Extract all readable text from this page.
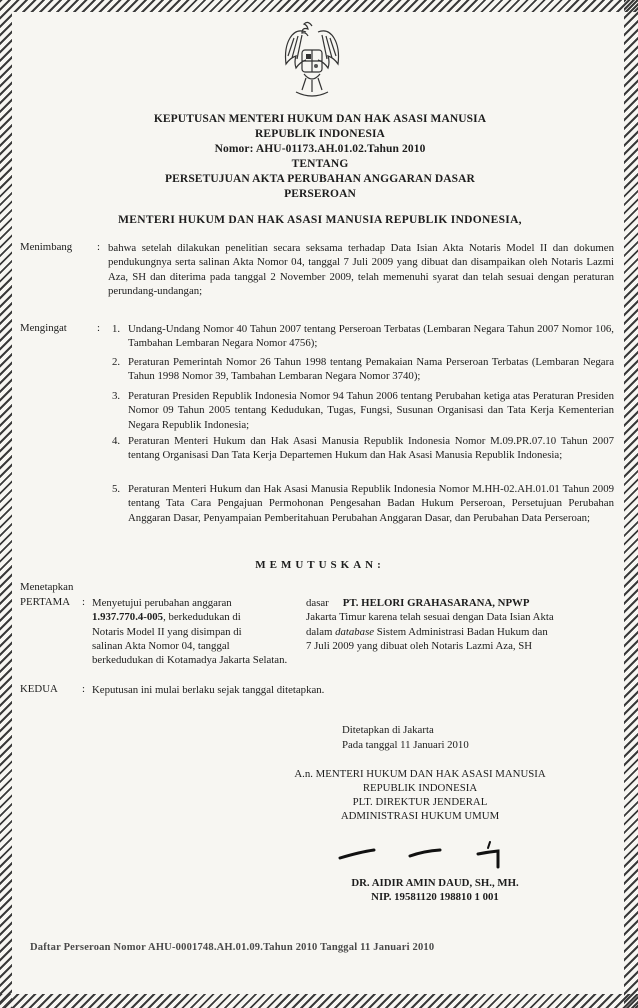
KEPUTUSAN MENTERI HUKUM DAN HAK ASASI MANUSIA
REPUBLIK INDONESIA
Nomor: AHU-01173.AH.01.02.Tahun 2010
TENTANG
PERSETUJUAN AKTA PERUBAHAN ANGGARAN DASAR
PERSEROAN
MENTERI HUKUM DAN HAK ASASI MANUSIA REPUBLIK INDONESIA,
Menimbang : bahwa setelah dilakukan penelitian secara seksama terhadap Data Isian Akta Notaris Model II dan dokumen pendukungnya serta salinan Akta Nomor 04, tanggal 7 Juli 2009 yang dibuat dan disampaikan oleh Notaris Lazmi Aza, SH dan diterima pada tanggal 2 November 2009, telah memenuhi syarat dan telah sesuai dengan peraturan perundang-undangan;
Mengingat	: 1. Undang-Undang Nomor 40 Tahun 2007 tentang Perseroan Terbatas (Lembaran Negara Tahun 2007 Nomor 106, Tambahan Lembaran Negara Nomor 4756);
2. Peraturan Pemerintah Nomor 26 Tahun 1998 tentang Pemakaian Nama Perseroan Terbatas (Lembaran Negara Tahun 1998 Nomor 39, Tambahan Lembaran Negara Nomor 3740);
3. Peraturan Presiden Republik Indonesia Nomor 94 Tahun 2006 tentang Perubahan ketiga atas Peraturan Presiden Nomor 09 Tahun 2005 tentang Kedudukan, Tugas, Fungsi, Susunan Organisasi dan Tata Kerja Kementerian Negara Republik Indonesia;
4. Peraturan Menteri Hukum dan Hak Asasi Manusia Republik Indonesia Nomor M.09.PR.07.10 Tahun 2007 tentang Organisasi Dan Tata Kerja Departemen Hukum dan Hak Asasi Manusia Republik Indonesia;
5. Peraturan Menteri Hukum dan Hak Asasi Manusia Republik Indonesia Nomor M.HH-02.AH.01.01 Tahun 2009 tentang Tata Cara Pengajuan Permohonan Pengesahan Badan Hukum Perseroan, Persetujuan Perubahan Anggaran Dasar, Penyampaian Pemberitahuan Perubahan Anggaran Dasar, dan Perubahan Data Perseroan;
MEMUTUSKAN:
Menetapkan
PERTAMA : Menyetujui perubahan anggaran
1.937.770.4-005, berkedudukan di
Notaris Model II yang disimpan di
salinan Akta Nomor 04, tanggal
dasar PT. HELORI GRAHASARANA, NPWP
Jakarta Timur karena telah sesuai dengan Data Isian Akta
dalam database Sistem Administrasi Badan Hukum dan
7 Juli 2009 yang dibuat oleh Notaris Lazmi Aza, SH
berkedudukan di Kotamadya Jakarta Selatan.
KEDUA : Keputusan ini mulai berlaku sejak tanggal ditetapkan.
Ditetapkan di Jakarta
Pada tanggal 11 Januari 2010
A.n. MENTERI HUKUM DAN HAK ASASI MANUSIA
REPUBLIK INDONESIA
PLT. DIREKTUR JENDERAL
ADMINISTRASI HUKUM UMUM
DR. AIDIR AMIN DAUD, SH., MH.
NIP. 19581120 198810 1 001
Daftar Perseroan Nomor AHU-0001748.AH.01.09.Tahun 2010 Tanggal 11 Januari 2010
